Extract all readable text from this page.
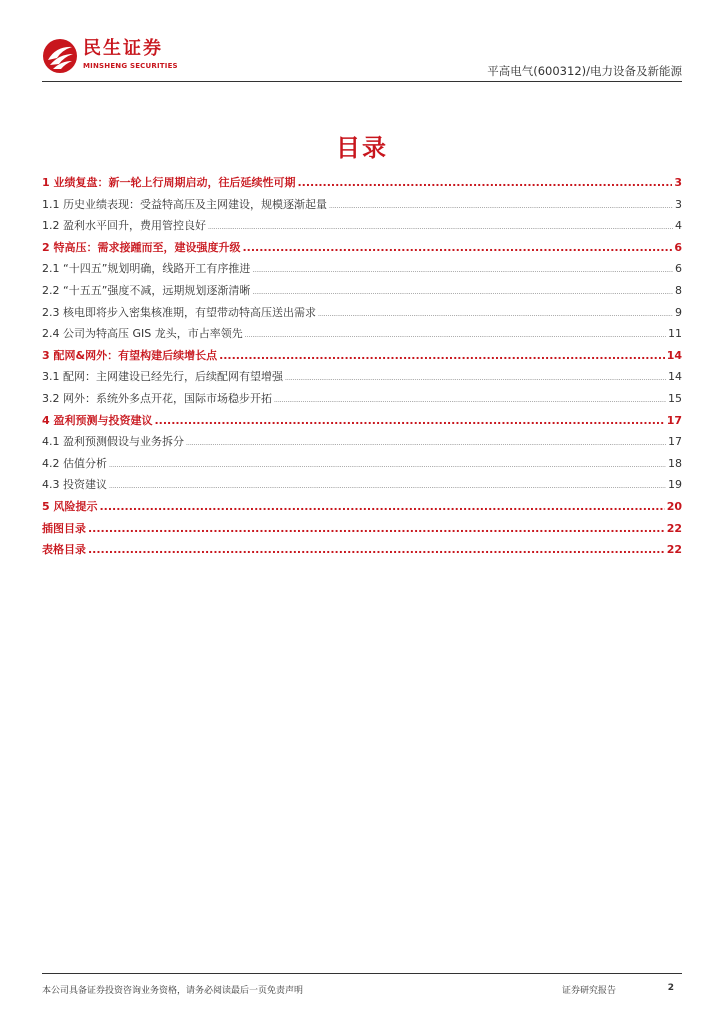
民生证券
MINSHENG SECURITIES	平高电气(600312)/电力设备及新能源
目录
1 业绩复盘：新一轮上行周期启动，往后延续性可期 .....	3
1.1 历史业绩表现：受益特高压及主网建设，规模逐渐起量 .....	3
1.2 盈利水平回升，费用管控良好 .....	4
2 特高压：需求接踵而至，建设强度升级 .....	6
2.1 “十四五”规划明确，线路开工有序推进 .....	6
2.2 “十五五”强度不减，远期规划逐渐清晰 .....	8
2.3 核电即将步入密集核准期，有望带动特高压送出需求 .....	9
2.4 公司为特高压 GIS 龙头，市占率领先 .....	11
3 配网&网外：有望构建后续增长点 .....	14
3.1 配网：主网建设已经先行，后续配网有望增强 .....	14
3.2 网外：系统外多点开花，国际市场稳步开拓 .....	15
4 盈利预测与投资建议 .....	17
4.1 盈利预测假设与业务拆分 .....	17
4.2 估值分析 .....	18
4.3 投资建议 .....	19
5 风险提示 .....	20
插图目录 .....	22
表格目录 .....	22
本公司具备证券投资咨询业务资格，请务必阅读最后一页免责声明	证券研究报告	2
